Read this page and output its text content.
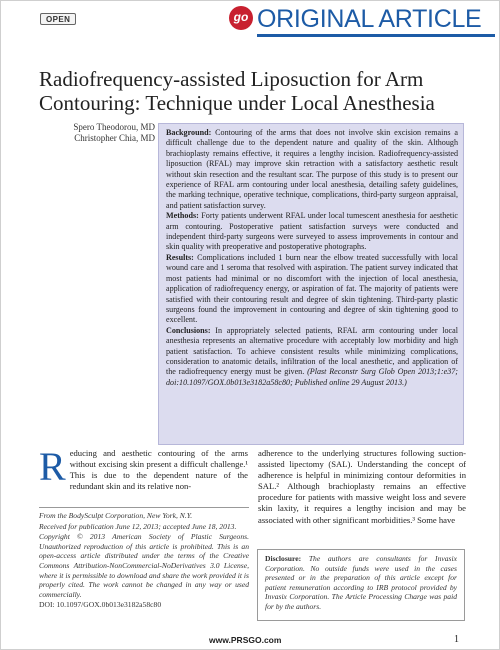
OPEN	go ORIGINAL ARTICLE
Radiofrequency-assisted Liposuction for Arm Contouring: Technique under Local Anesthesia
Spero Theodorou, MD
Christopher Chia, MD

Background: Contouring of the arms that does not involve skin excision remains a difficult challenge due to the dependent nature and quality of the skin. Although brachioplasty remains effective, it requires a lengthy incision. Radiofrequency-assisted liposuction (RFAL) may improve skin retraction with a satisfactory aesthetic result without skin resection and the resultant scar. The purpose of this study is to present our experience of RFAL arm contouring under local anesthesia, detailing safety guidelines, the marking technique, operative technique, complications, third-party surgeon appraisal, and patient satisfaction survey.

Methods: Forty patients underwent RFAL under local tumescent anesthesia for aesthetic arm contouring. Postoperative patient satisfaction surveys were conducted and independent third-party surgeons were surveyed to assess improvements in contour and skin quality with preoperative and postoperative photographs.

Results: Complications included 1 burn near the elbow treated successfully with local wound care and 1 seroma that resolved with aspiration. The patient survey indicated that most patients had minimal or no discomfort with the injection of local anesthesia, application of radiofrequency energy, or aspiration of fat. The majority of patients were satisfied with their contouring result and degree of skin tightening. Third-party plastic surgeons found the improvement in contouring and degree of skin tightening good to excellent.

Conclusions: In appropriately selected patients, RFAL arm contouring under local anesthesia represents an alternative procedure with acceptably low morbidity and high patient satisfaction. To achieve consistent results while minimizing complications, consideration to anatomic details, infiltration of the local anesthetic, and application of the radiofrequency energy must be given. (Plast Reconstr Surg Glob Open 2013;1:e37; doi:10.1097/GOX.0b013e3182a58c80; Published online 29 August 2013.)

Reducing and aesthetic contouring of the arms without excising skin present a difficult challenge.¹ This is due to the dependent nature of the redundant skin and its relative non-
adherence to the underlying structures following suction-assisted lipectomy (SAL). Understanding the concept of adherence is helpful in minimizing contour deformities in SAL.² Although brachioplasty remains an effective procedure for patients with massive weight loss and severe skin laxity, it requires a lengthy incision and may be associated with other significant morbidities.³ Some have

From the BodySculpt Corporation, New York, N.Y.

Received for publication June 12, 2013; accepted June 18, 2013.

Copyright © 2013 American Society of Plastic Surgeons. Unauthorized reproduction of this article is prohibited. This is an open-access article distributed under the terms of the Creative Commons Attribution-NonCommercial-NoDerivatives 3.0 License, where it is permissible to download and share the work provided it is properly cited. The work cannot be changed in any way or used commercially.

DOI: 10.1097/GOX.0b013e3182a58c80

Disclosure: The authors are consultants for Invasix Corporation. No outside funds were used in the cases presented or in the preparation of this article except for patient remuneration according to IRB protocol provided by Invasix Corporation. The Article Processing Charge was paid for by the authors.
www.PRSGO.com	1
